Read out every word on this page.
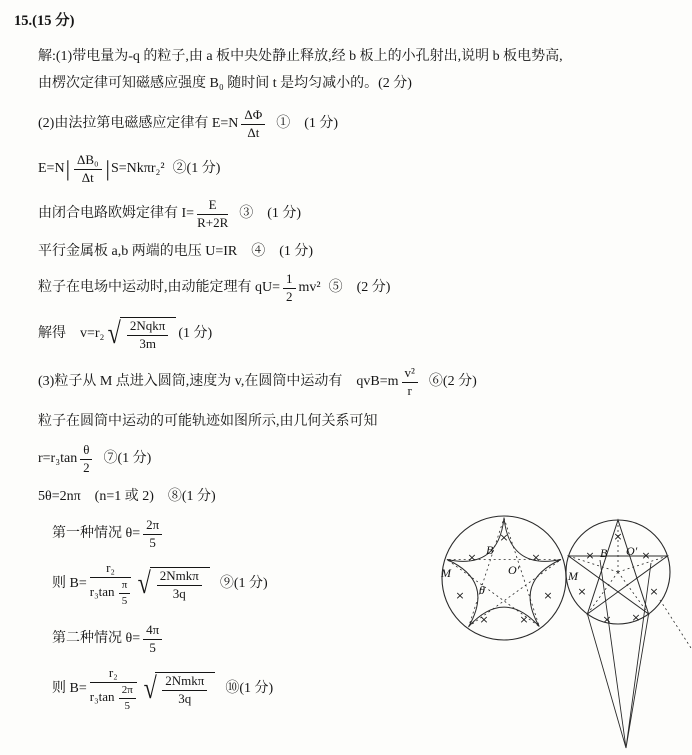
15.(15 分)
解:(1)带电量为-q 的粒子,由 a 板中央处静止释放,经 b 板上的小孔射出,说明 b 板电势高,
由楞次定律可知磁感应强度 B₀ 随时间 t 是均匀减小的。(2 分)
(2)由法拉第电磁感应定律有 $E=N \frac{\Delta\Phi}{\Delta t}$ ①　(1 分)
E=N | $\frac{\text{ΔB₀}}{\Delta t}$ | S=Nkπr₂² ②(1 分)
由闭合电路欧姆定律有 $I= \frac{E}{R+2R}$ ③　(1 分)
平行金属板 a,b 两端的电压 U=IR　④　(1 分)
粒子在电场中运动时,由动能定理有 $qU= \frac{1}{2} mv^2$ ⑤　(2 分)
解得　v=r₂ √ $\frac{\text{2Nqkπ}}{3m} (1$ 分)
(3)粒子从 M 点进入圆筒,速度为 v,在圆筒中运动有　$qvB=m \frac{\text{v²}}{r}$ ⑥(2 分)
粒子在圆筒中运动的可能轨迹如图所示,由几何关系可知
$r=r_3\tan \frac{\theta}{2}$ ⑦(1 分)
5θ=2nπ　(n=1 或 2)　⑧(1 分)
第一种情况 $\theta= \frac{2\pi}{5}$
则 $B= \frac{\text{r₂}}{r_3\tan \frac{\pi}{5}}$ √ $\frac{\text{2Nmkπ}}{3q}$ ⑨(1 分)
第二种情况 $\theta= \frac{4\pi}{5}$
则 $B= \frac{\text{r₂}}{r_3\tan \frac{2\pi}{5}}$ √ $\frac{\text{2Nmkπ}}{3q}$ ⑩(1 分)
×
×	×
×	×
×	×
M
B
θ
O′
×
×	×
×	×
× ×
M
B O′
